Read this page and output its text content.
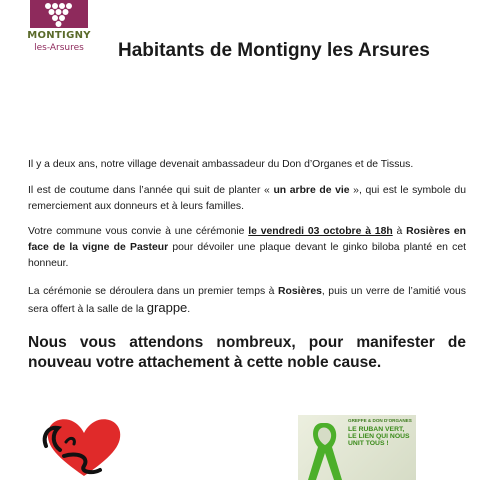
MONTIGNY
les-Arsures	Habitants de Montigny les Arsures

Il y a deux ans, notre village devenait ambassadeur du Don d’Organes et de Tissus.

Il est de coutume dans l’année qui suit de planter « un arbre de vie », qui est le symbole du remerciement aux donneurs et à leurs familles.

Votre commune vous convie à une cérémonie le vendredi 03 octobre à 18h à Rosières en face de la vigne de Pasteur pour dévoiler une plaque devant le ginko biloba planté en cet honneur.

La cérémonie se déroulera dans un premier temps à Rosières, puis un verre de l’amitié vous sera offert à la salle de la grappe.

Nous vous attendons nombreux, pour manifester de nouveau votre attachement à cette noble cause.

GREFFE & DON D’ORGANES
LE RUBAN VERT, LE LIEN QUI NOUS UNIT TOUS !
